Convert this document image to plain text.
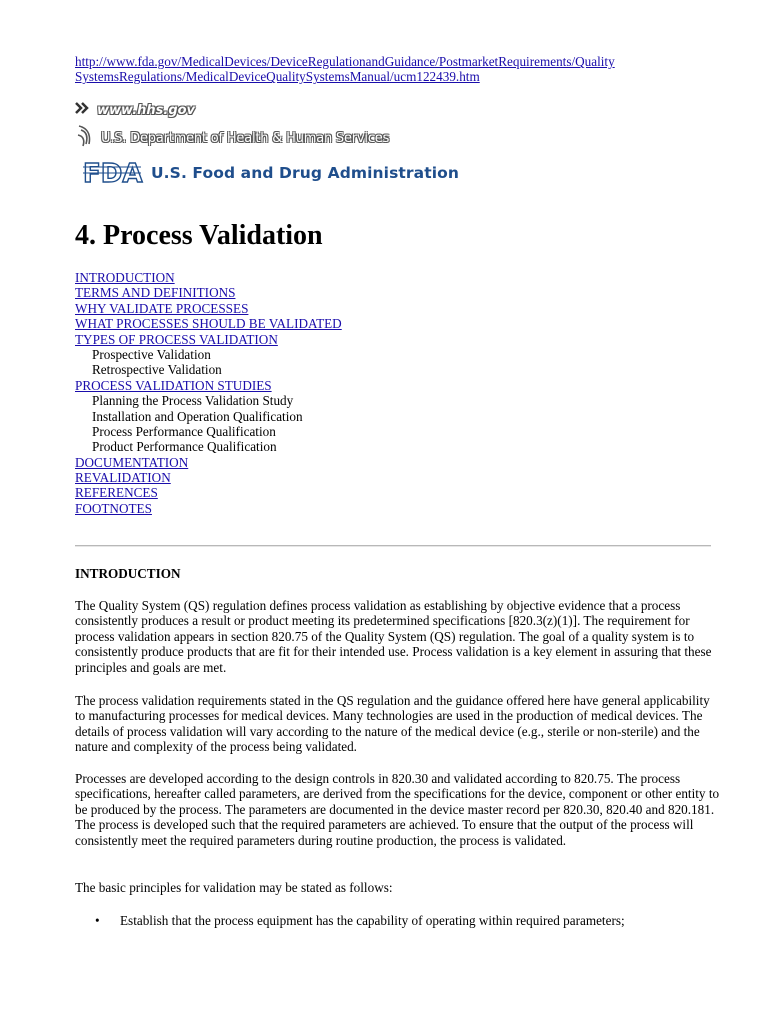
http://www.fda.gov/MedicalDevices/DeviceRegulationandGuidance/PostmarketRequirements/Quality
SystemsRegulations/MedicalDeviceQualitySystemsManual/ucm122439.htm
www.hhs.gov
U.S. Department of Health & Human Services
FDA U.S. Food and Drug Administration
4. Process Validation
INTRODUCTION
TERMS AND DEFINITIONS
WHY VALIDATE PROCESSES
WHAT PROCESSES SHOULD BE VALIDATED
TYPES OF PROCESS VALIDATION
Prospective Validation
Retrospective Validation
PROCESS VALIDATION STUDIES
Planning the Process Validation Study
Installation and Operation Qualification
Process Performance Qualification
Product Performance Qualification
DOCUMENTATION
REVALIDATION
REFERENCES
FOOTNOTES
INTRODUCTION

The Quality System (QS) regulation defines process validation as establishing by objective evidence that a process consistently produces a result or product meeting its predetermined specifications [820.3(z)(1)]. The requirement for process validation appears in section 820.75 of the Quality System (QS) regulation. The goal of a quality system is to consistently produce products that are fit for their intended use. Process validation is a key element in assuring that these principles and goals are met.

The process validation requirements stated in the QS regulation and the guidance offered here have general applicability to manufacturing processes for medical devices. Many technologies are used in the production of medical devices. The details of process validation will vary according to the nature of the medical device (e.g., sterile or non-sterile) and the nature and complexity of the process being validated.

Processes are developed according to the design controls in 820.30 and validated according to 820.75. The process specifications, hereafter called parameters, are derived from the specifications for the device, component or other entity to be produced by the process. The parameters are documented in the device master record per 820.30, 820.40 and 820.181. The process is developed such that the required parameters are achieved. To ensure that the output of the process will consistently meet the required parameters during routine production, the process is validated.

The basic principles for validation may be stated as follows:

•	Establish that the process equipment has the capability of operating within required parameters;
